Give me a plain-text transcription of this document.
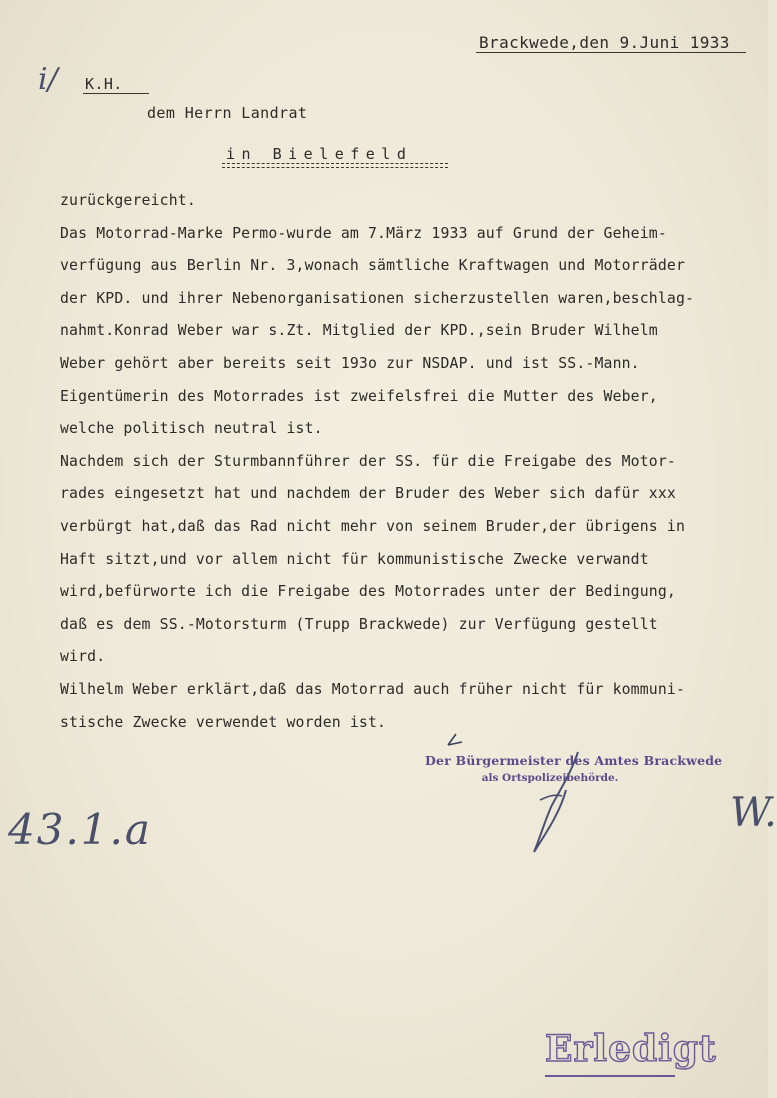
Brackwede,den 9.Juni 1933
i/ K.H.
dem Herrn Landrat
in Bielefeld
zurückgereicht.
Das Motorrad-Marke Permo-wurde am 7.März 1933 auf Grund der Geheim-
verfügung aus Berlin Nr. 3,wonach sämtliche Kraftwagen und Motorräder
der KPD. und ihrer Nebenorganisationen sicherzustellen waren,beschlag-
nahmt.Konrad Weber war s.Zt. Mitglied der KPD.,sein Bruder Wilhelm
Weber gehört aber bereits seit 193o zur NSDAP. und ist SS.-Mann.
Eigentümerin des Motorrades ist zweifelsfrei die Mutter des Weber,
welche politisch neutral ist.
Nachdem sich der Sturmbannführer der SS. für die Freigabe des Motor-
rades eingesetzt hat und nachdem der Bruder des Weber sich dafür xxx
verbürgt hat,daß das Rad nicht mehr von seinem Bruder,der übrigens in
Haft sitzt,und vor allem nicht für kommunistische Zwecke verwandt
wird,befürworte ich die Freigabe des Motorrades unter der Bedingung,
daß es dem SS.-Motorsturm (Trupp Brackwede) zur Verfügung gestellt
wird.
Wilhelm Weber erklärt,daß das Motorrad auch früher nicht für kommuni-
stische Zwecke verwendet worden ist.
Der Bürgermeister des Amtes Brackwede
als Ortspolizeibehörde.
43.1.a	W.
Erledigt
